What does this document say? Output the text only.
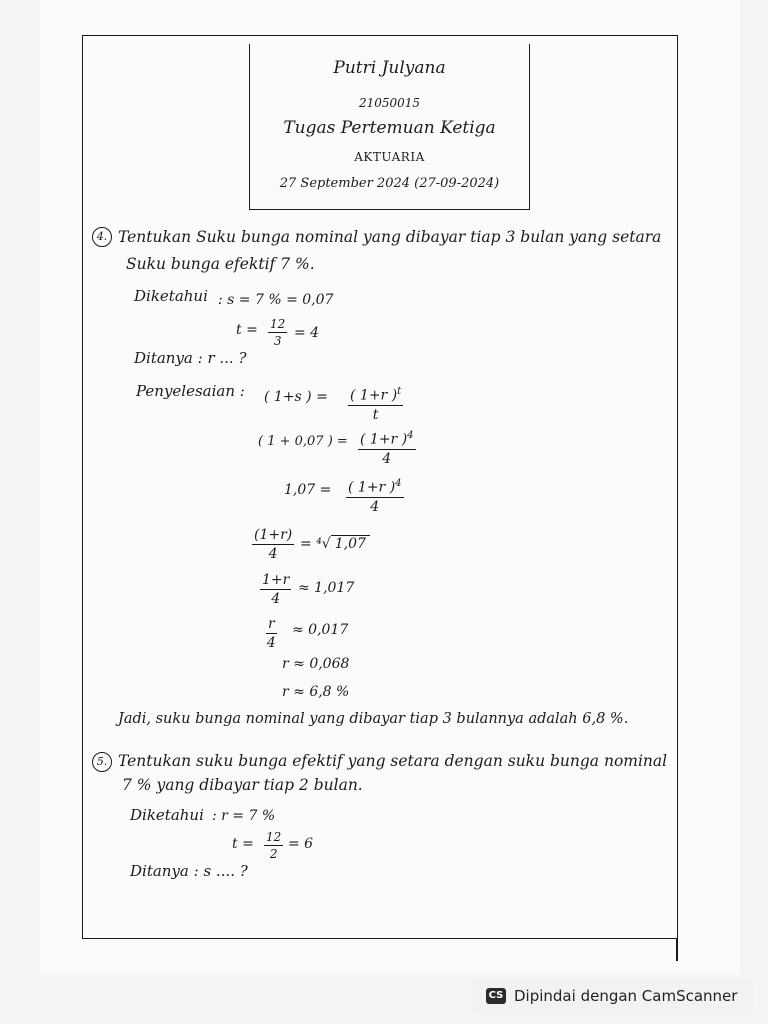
Putri Julyana
21050015
Tugas Pertemuan Ketiga
AKTUARIA
27 September 2024 (27-09-2024)
4. Tentukan Suku bunga nominal yang dibayar tiap 3 bulan yang setara
Suku bunga efektif 7 %.
Diketahui : s = 7 % = 0,07
$t = \frac{12}{3} = 4$
Ditanya : r ... ?
Penyelesaian : ( 1+s ) = $\frac{( 1+r )^t}{t}$
( 1 + 0,07 ) = $\frac{( 1+r )^4}{4}$
$1,07 = \frac{( 1+r )^4}{4}$
$\frac{(1+r)}{4} = ^4√$ 1,07
$\frac{1+r}{4} \approx 1,017$
$\frac{r}{4} \approx 0,017$
r ≈ 0,068
r ≈ 6,8 %
Jadi, suku bunga nominal yang dibayar tiap 3 bulannya adalah 6,8 %.
5. Tentukan suku bunga efektif yang setara dengan suku bunga nominal
7 % yang dibayar tiap 2 bulan.
Diketahui : r = 7 %
$t = \frac{12}{2} = 6$
Ditanya : s .... ?
CS Dipindai dengan CamScanner
